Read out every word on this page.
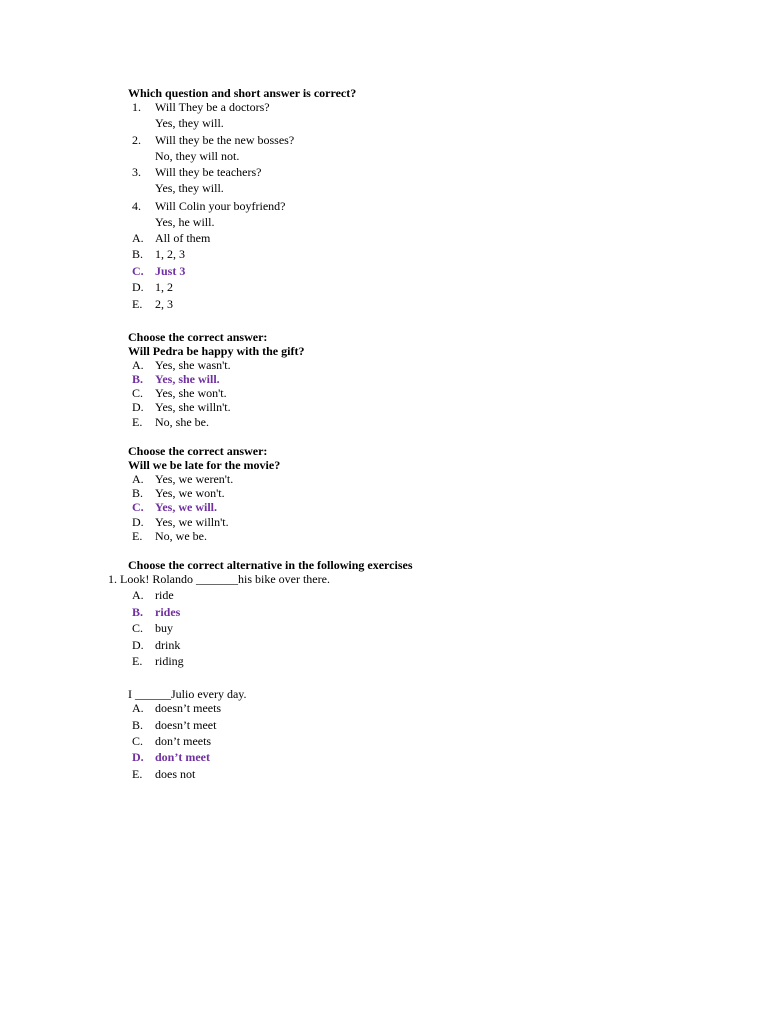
Which question and short answer is correct?
1. Will They be a doctors?
Yes, they will.
2. Will they be the new bosses?
No, they will not.
3. Will they be teachers?
Yes, they will.
4. Will Colin your boyfriend?
Yes, he will.
A. All of them
B. 1, 2, 3
C. Just 3
D. 1, 2
E. 2, 3
Choose the correct answer:
Will Pedra be happy with the gift?
A. Yes, she wasn't.
B. Yes, she will.
C. Yes, she won't.
D. Yes, she willn't.
E. No, she be.
Choose the correct answer:
Will we be late for the movie?
A. Yes, we weren't.
B. Yes, we won't.
C. Yes, we will.
D. Yes, we willn't.
E. No, we be.
Choose the correct alternative in the following exercises
1. Look! Rolando _______his bike over there.
A. ride
B. rides
C. buy
D. drink
E. riding
I ______Julio every day.
A. doesn’t meets
B. doesn’t meet
C. don’t meets
D. don’t meet
E. does not
